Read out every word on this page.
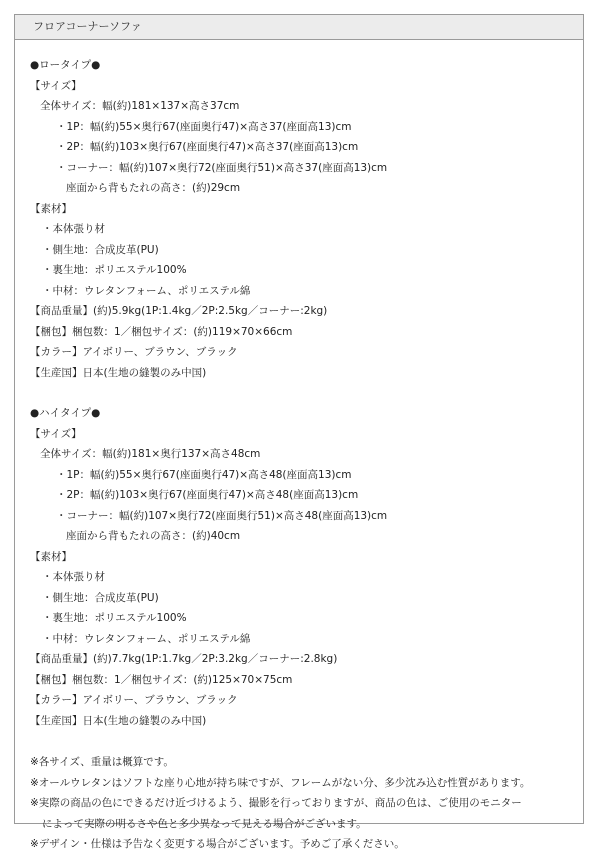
フロアコーナーソファ
●ロータイプ●
【サイズ】
全体サイズ：幅(約)181×137×高さ37cm
・1P：幅(約)55×奥行67(座面奥行47)×高さ37(座面高13)cm
・2P：幅(約)103×奥行67(座面奥行47)×高さ37(座面高13)cm
・コーナー：幅(約)107×奥行72(座面奥行51)×高さ37(座面高13)cm
座面から背もたれの高さ：(約)29cm
【素材】
・本体張り材
・側生地：合成皮革(PU)
・裏生地：ポリエステル100%
・中材：ウレタンフォーム、ポリエステル綿
【商品重量】(約)5.9kg(1P:1.4kg／2P:2.5kg／コーナー:2kg)
【梱包】梱包数：1／梱包サイズ：(約)119×70×66cm
【カラー】アイボリー、ブラウン、ブラック
【生産国】日本(生地の縫製のみ中国)
●ハイタイプ●
【サイズ】
全体サイズ：幅(約)181×奥行137×高さ48cm
・1P：幅(約)55×奥行67(座面奥行47)×高さ48(座面高13)cm
・2P：幅(約)103×奥行67(座面奥行47)×高さ48(座面高13)cm
・コーナー：幅(約)107×奥行72(座面奥行51)×高さ48(座面高13)cm
座面から背もたれの高さ：(約)40cm
【素材】
・本体張り材
・側生地：合成皮革(PU)
・裏生地：ポリエステル100%
・中材：ウレタンフォーム、ポリエステル綿
【商品重量】(約)7.7kg(1P:1.7kg／2P:3.2kg／コーナー:2.8kg)
【梱包】梱包数：1／梱包サイズ：(約)125×70×75cm
【カラー】アイボリー、ブラウン、ブラック
【生産国】日本(生地の縫製のみ中国)
※各サイズ、重量は概算です。
※オールウレタンはソフトな座り心地が持ち味ですが、フレームがない分、多少沈み込む性質があります。
※実際の商品の色にできるだけ近づけるよう、撮影を行っておりますが、商品の色は、ご使用のモニター
によって実際の明るさや色と多少異なって見える場合がございます。
※デザイン・仕様は予告なく変更する場合がございます。予めご了承ください。
